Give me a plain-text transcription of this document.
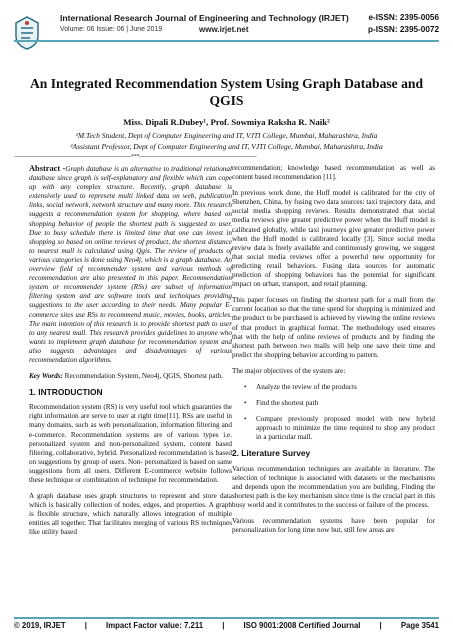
International Research Journal of Engineering and Technology (IRJET) e-ISSN: 2395-0056
Volume: 06 Issue: 06 | June 2019	www.irjet.net	p-ISSN: 2395-0072
An Integrated Recommendation System Using Graph Database and QGIS
Miss. Dipali R.Dubey¹, Prof. Sowmiya Raksha R. Naik²
¹M.Tech Student, Dept of Computer Engineering and IT, VJTI College, Mumbai, Maharashtra, India
²Assistant Professor, Dept of Computer Engineering and IT, VJTI College, Mumbai, Maharashtra, India
---------------------------------------------------------------------***---------------------------------------------------------------------

Abstract -Graph database is an alternative to traditional relational database since graph is self-explanatory and flexible which can cope up with any complex structure. Recently, graph database is extensively used to represent multi linked data on web, publication links, social network, network structure and many more. This research suggests a recommendation system for shopping, where based on shopping behavior of people the shortest path is suggested to user. Due to busy schedule there is limited time that one can invest in shopping so based on online reviews of product, the shortest distance to nearest mall is calculated using Qgis. The review of products of various categories is done using Neo4j, which is a graph database. An overview field of recommender system and various methods of recommendation are also presented in this paper. Recommendation system or recommender system (RSs) are subset of information filtering system and are software tools and techniques providing suggestions to the user according to their needs. Many popular E-commerce sites use RSs to recommend music, movies, books, articles. The main intention of this research is to provide shortest path to user to any nearest mall. This research provides guidelines to anyone who wants to implement graph database for recommendation system and also suggests advantages and disadvantages of various recommendation algorithms.

Key Words: Recommendation System, Neo4j, QGIS, Shortest path.

1. INTRODUCTION

Recommendation system (RS) is very useful tool which guaranties the right information are serve to user at right time[11]. RSs are useful in many domains, such as web personalization, information filtering and e-commerce. Recommendation systems are of various types i.e. personalized system and non-personalized system, content based filtering, collaborative, hybrid. Personalized recommendation is based on suggestions by group of users. Non- personalized is based on same suggestions from all users. Different E-commerce website follows these technique or combination of technique for recommendation.

A graph database uses graph structures to represent and store data which is basically collection of nodes, edges, and properties. A graph is flexible structure, which naturally allows integration of multiple entities all together. That facilitates merging of various RS techniques like utility based

recommendation; knowledge based recommendation as well as content based recommendation [11].

In previous work done, the Huff model is calibrated for the city of Shenzhen, China, by fusing two data sources: taxi trajectory data, and social media shopping reviews. Results demonstrated that social media reviews give greater predictive power when the Huff model is calibrated globally, while taxi journeys give greater predictive power when the Huff model is calibrated locally [3]. Since social media review data is freely available and continuously growing, we suggest that social media reviews offer a powerful new opportunity for predicting retail behaviors. Fusing data sources for automatic prediction of shopping behaviors has the potential for significant impact on urban, transport, and retail planning.

This paper focuses on finding the shortest path for a mall from the current location so that the time spend for shopping is minimized and the product to be purchased is achieved by viewing the online reviews of that product in graphical format. The methodology used ensures that with the help of online reviews of products and by finding the shortest path between two malls will help one save their time and predict the shopping behavior according to pattern.

The major objectives of the system are:

• Analyze the review of the products
• Find the shortest path
• Compare previously proposed model with new hybrid approach to minimize the time required to shop any product in a particular mall.
2. Literature Survey

Various recommendation techniques are available in literature. The selection of technique is associated with datasets or the mechanisms and depends upon the recommendation you are building. Finding the shortest path is the key mechanism since time is the crucial part in this busy world and it contributes to the success or failure of the process.

Various recommendation systems have been popular for personalization for long time now but, still few areas are

© 2019, IRJET | Impact Factor value: 7.211 | ISO 9001:2008 Certified Journal | Page 3541
